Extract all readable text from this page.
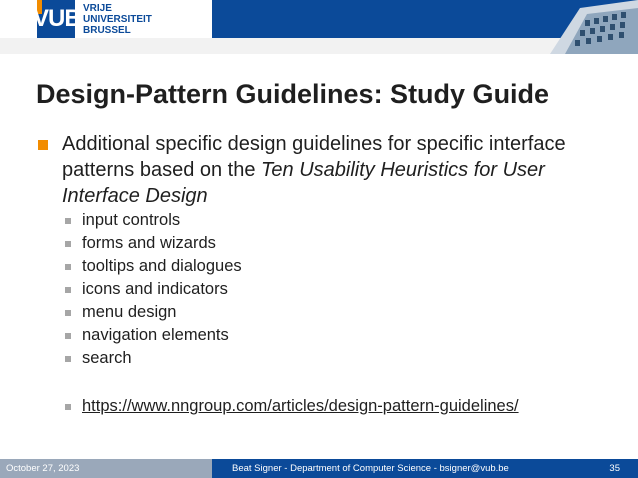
VUB VRIJE
UNIVERSITEIT
BRUSSEL
Design-Pattern Guidelines: Study Guide
Additional specific design guidelines for specific interface patterns based on the Ten Usability Heuristics for User Interface Design
input controls
forms and wizards
tooltips and dialogues
icons and indicators
menu design
navigation elements
search
https://www.nngroup.com/articles/design-pattern-guidelines/
October 27, 2023	Beat Signer - Department of Computer Science - bsigner@vub.be	35
